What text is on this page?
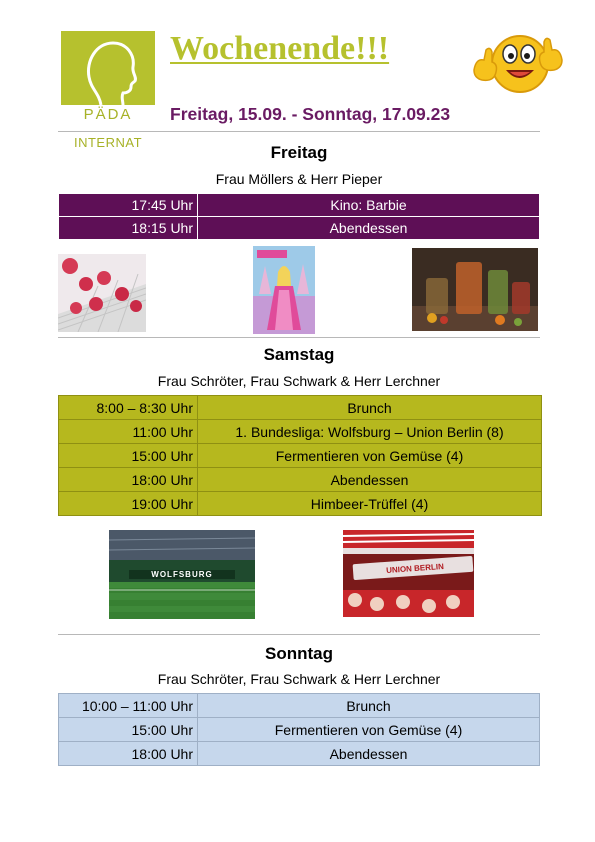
PÄDA
INTERNAT
Wochenende!!!
Freitag, 15.09. - Sonntag, 17.09.23
Freitag
Frau Möllers & Herr Pieper
17:45 Uhr	Kino: Barbie
18:15 Uhr	Abendessen
Samstag
Frau Schröter, Frau Schwark & Herr Lerchner
8:00 – 8:30 Uhr	Brunch
11:00 Uhr	1. Bundesliga: Wolfsburg – Union Berlin (8)
15:00 Uhr	Fermentieren von Gemüse (4)
18:00 Uhr	Abendessen
19:00 Uhr	Himbeer-Trüffel (4)
WOLFSBURG	UNION BERLIN
Sonntag
Frau Schröter, Frau Schwark & Herr Lerchner
10:00 – 11:00 Uhr	Brunch
15:00 Uhr	Fermentieren von Gemüse (4)
18:00 Uhr	Abendessen
